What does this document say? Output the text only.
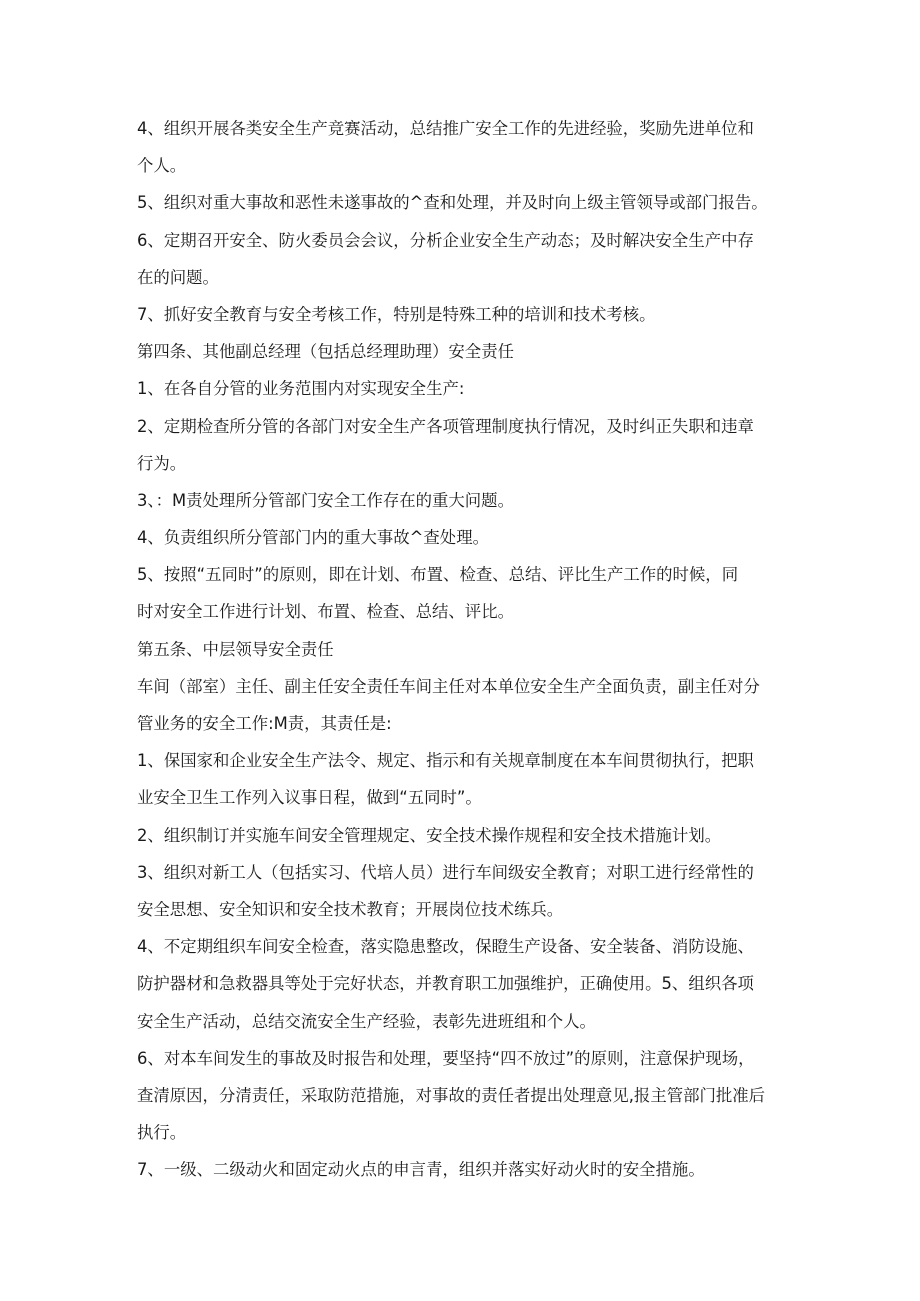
4、组织开展各类安全生产竞赛活动，总结推广安全工作的先进经验，奖励先进单位和
个人。
5、组织对重大事故和恶性未遂事故的^查和处理，并及时向上级主管领导或部门报告。
6、定期召开安全、防火委员会会议，分析企业安全生产动态；及时解决安全生产中存
在的问题。
7、抓好安全教育与安全考核工作，特别是特殊工种的培训和技术考核。
第四条、其他副总经理（包括总经理助理）安全责任
1、在各自分管的业务范围内对实现安全生产:
2、定期检查所分管的各部门对安全生产各项管理制度执行情况，及时纠正失职和违章
行为。
3、：M责处理所分管部门安全工作存在的重大问题。
4、负责组织所分管部门内的重大事故^查处理。
5、按照“五同时”的原则，即在计划、布置、检查、总结、评比生产工作的时候，同
时对安全工作进行计划、布置、检查、总结、评比。
第五条、中层领导安全责任
车间（部室）主任、副主任安全责任车间主任对本单位安全生产全面负责，副主任对分
管业务的安全工作:M责，其责任是:
1、保国家和企业安全生产法令、规定、指示和有关规章制度在本车间贯彻执行，把职
业安全卫生工作列入议事日程，做到“五同时”。
2、组织制订并实施车间安全管理规定、安全技术操作规程和安全技术措施计划。
3、组织对新工人（包括实习、代培人员）进行车间级安全教育；对职工进行经常性的
安全思想、安全知识和安全技术教育；开展岗位技术练兵。
4、不定期组织车间安全检查，落实隐患整改，保瞪生产设备、安全装备、消防设施、
防护器材和急救器具等处于完好状态，并教育职工加强维护，正确使用。5、组织各项
安全生产活动，总结交流安全生产经验，表彰先进班组和个人。
6、对本车间发生的事故及时报告和处理，要坚持“四不放过”的原则，注意保护现场，
查清原因，分清责任，采取防范措施，对事故的责任者提出处理意见,报主管部门批准后
执行。
7、一级、二级动火和固定动火点的申言青，组织并落实好动火时的安全措施。
